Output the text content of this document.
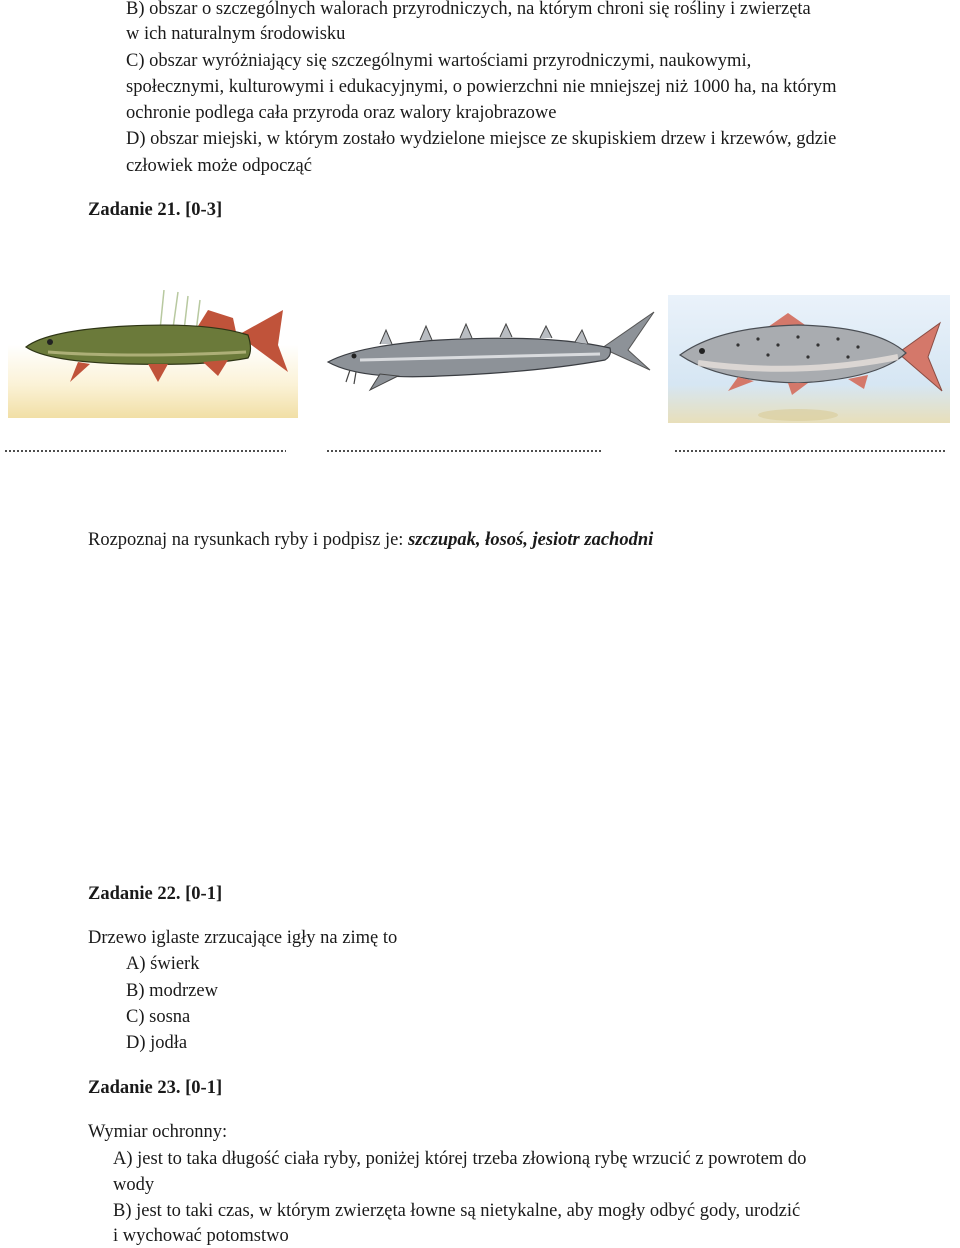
B) obszar o szczególnych walorach przyrodniczych, na którym chroni się rośliny i zwierzęta
w ich naturalnym środowisku
C) obszar wyróżniający się szczególnymi wartościami przyrodniczymi, naukowymi,
społecznymi, kulturowymi i edukacyjnymi, o powierzchni nie mniejszej niż 1000 ha, na którym
ochronie podlega cała przyroda oraz walory krajobrazowe
D) obszar miejski, w którym zostało wydzielone miejsce ze skupiskiem drzew i krzewów, gdzie
człowiek może odpocząć
Zadanie 21. [0-3]
Rozpoznaj na rysunkach ryby i podpisz je: szczupak, łosoś, jesiotr zachodni
Zadanie 22. [0-1]
Drzewo iglaste zrzucające igły na zimę to
A) świerk
B) modrzew
C) sosna
D) jodła
Zadanie 23. [0-1]
Wymiar ochronny:
A) jest to taka długość ciała ryby, poniżej której trzeba złowioną rybę wrzucić z powrotem do
wody
B) jest to taki czas, w którym zwierzęta łowne są nietykalne, aby mogły odbyć gody, urodzić
i wychować potomstwo
